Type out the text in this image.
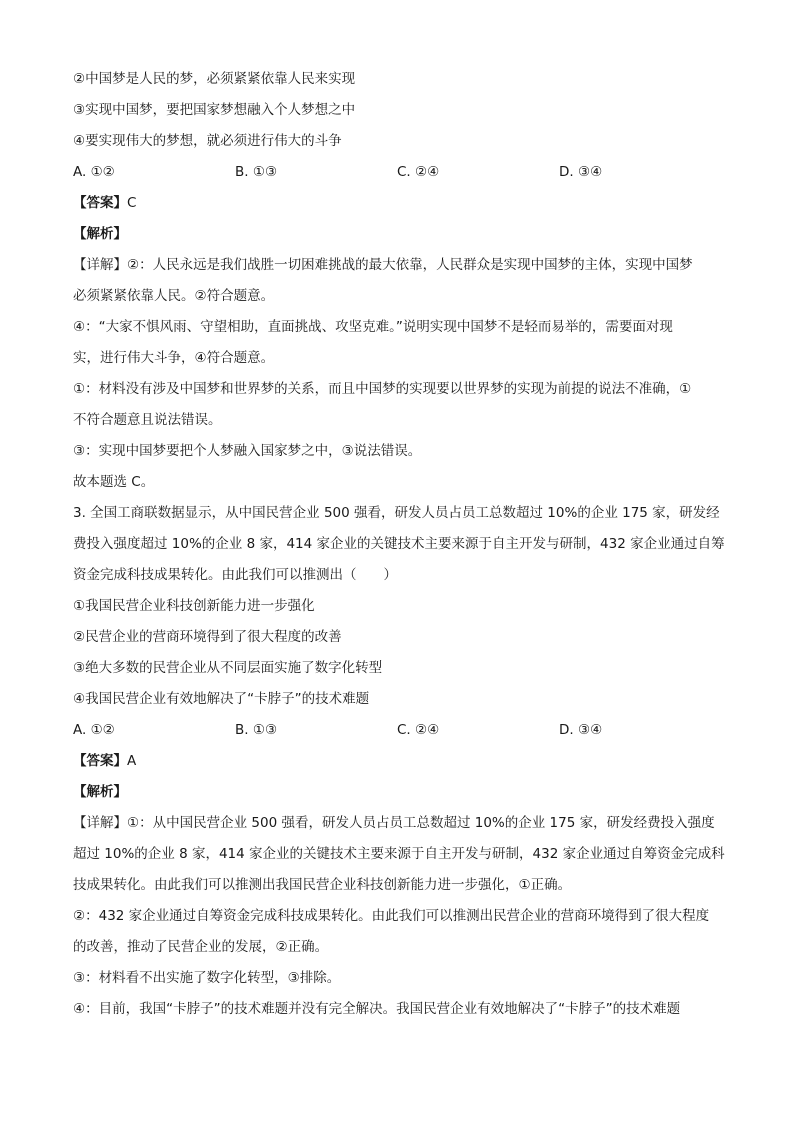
②中国梦是人民的梦，必须紧紧依靠人民来实现
③实现中国梦，要把国家梦想融入个人梦想之中
④要实现伟大的梦想，就必须进行伟大的斗争
A. ①②	B. ①③	C. ②④	D. ③④
【答案】C
【解析】
【详解】②：人民永远是我们战胜一切困难挑战的最大依靠，人民群众是实现中国梦的主体，实现中国梦
必须紧紧依靠人民。②符合题意。
④：“大家不惧风雨、守望相助，直面挑战、攻坚克难。”说明实现中国梦不是轻而易举的，需要面对现
实，进行伟大斗争，④符合题意。
①：材料没有涉及中国梦和世界梦的关系，而且中国梦的实现要以世界梦的实现为前提的说法不准确，①
不符合题意且说法错误。
③：实现中国梦要把个人梦融入国家梦之中，③说法错误。
故本题选 C。
3. 全国工商联数据显示，从中国民营企业 500 强看，研发人员占员工总数超过 10%的企业 175 家，研发经
费投入强度超过 10%的企业 8 家，414 家企业的关键技术主要来源于自主开发与研制，432 家企业通过自筹
资金完成科技成果转化。由此我们可以推测出（　　）
①我国民营企业科技创新能力进一步强化
②民营企业的营商环境得到了很大程度的改善
③绝大多数的民营企业从不同层面实施了数字化转型
④我国民营企业有效地解决了“卡脖子”的技术难题
A. ①②	B. ①③	C. ②④	D. ③④
【答案】A
【解析】
【详解】①：从中国民营企业 500 强看，研发人员占员工总数超过 10%的企业 175 家，研发经费投入强度
超过 10%的企业 8 家，414 家企业的关键技术主要来源于自主开发与研制，432 家企业通过自筹资金完成科
技成果转化。由此我们可以推测出我国民营企业科技创新能力进一步强化，①正确。
②：432 家企业通过自筹资金完成科技成果转化。由此我们可以推测出民营企业的营商环境得到了很大程度
的改善，推动了民营企业的发展，②正确。
③：材料看不出实施了数字化转型，③排除。
④：目前，我国“卡脖子”的技术难题并没有完全解决。我国民营企业有效地解决了“卡脖子”的技术难题
